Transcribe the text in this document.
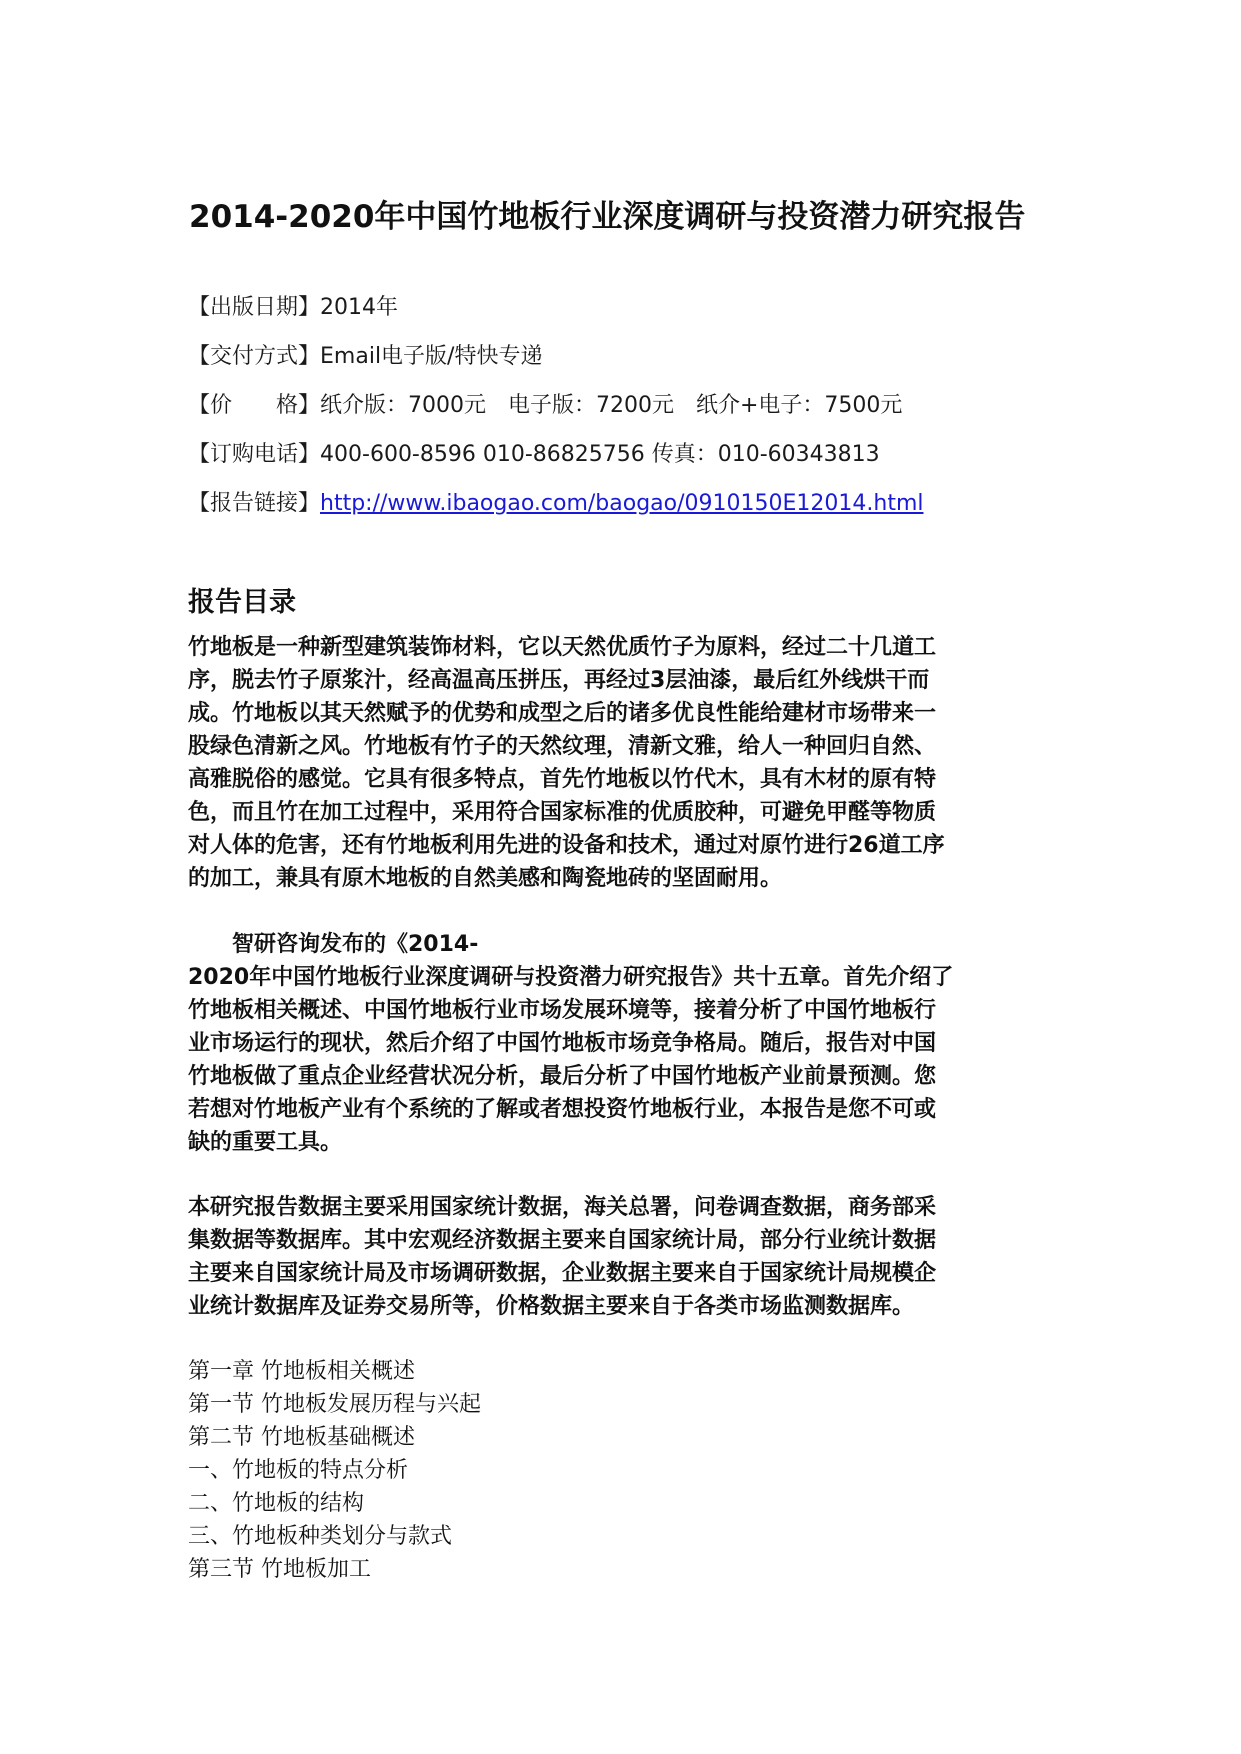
2014-2020年中国竹地板行业深度调研与投资潜力研究报告
【出版日期】2014年
【交付方式】Email电子版/特快专递
【价　　格】纸介版：7000元　电子版：7200元　纸介+电子：7500元
【订购电话】400-600-8596 010-86825756 传真：010-60343813
【报告链接】http://www.ibaogao.com/baogao/0910150E12014.html
报告目录
竹地板是一种新型建筑装饰材料，它以天然优质竹子为原料，经过二十几道工
序，脱去竹子原浆汁，经高温高压拼压，再经过3层油漆，最后红外线烘干而
成。竹地板以其天然赋予的优势和成型之后的诸多优良性能给建材市场带来一
股绿色清新之风。竹地板有竹子的天然纹理，清新文雅，给人一种回归自然、
高雅脱俗的感觉。它具有很多特点，首先竹地板以竹代木，具有木材的原有特
色，而且竹在加工过程中，采用符合国家标准的优质胶种，可避免甲醛等物质
对人体的危害，还有竹地板利用先进的设备和技术，通过对原竹进行26道工序
的加工，兼具有原木地板的自然美感和陶瓷地砖的坚固耐用。
　　智研咨询发布的《2014-
2020年中国竹地板行业深度调研与投资潜力研究报告》共十五章。首先介绍了
竹地板相关概述、中国竹地板行业市场发展环境等，接着分析了中国竹地板行
业市场运行的现状，然后介绍了中国竹地板市场竞争格局。随后，报告对中国
竹地板做了重点企业经营状况分析，最后分析了中国竹地板产业前景预测。您
若想对竹地板产业有个系统的了解或者想投资竹地板行业，本报告是您不可或
缺的重要工具。
本研究报告数据主要采用国家统计数据，海关总署，问卷调查数据，商务部采
集数据等数据库。其中宏观经济数据主要来自国家统计局，部分行业统计数据
主要来自国家统计局及市场调研数据，企业数据主要来自于国家统计局规模企
业统计数据库及证券交易所等，价格数据主要来自于各类市场监测数据库。
第一章 竹地板相关概述
第一节 竹地板发展历程与兴起
第二节 竹地板基础概述
一、竹地板的特点分析
二、竹地板的结构
三、竹地板种类划分与款式
第三节 竹地板加工
